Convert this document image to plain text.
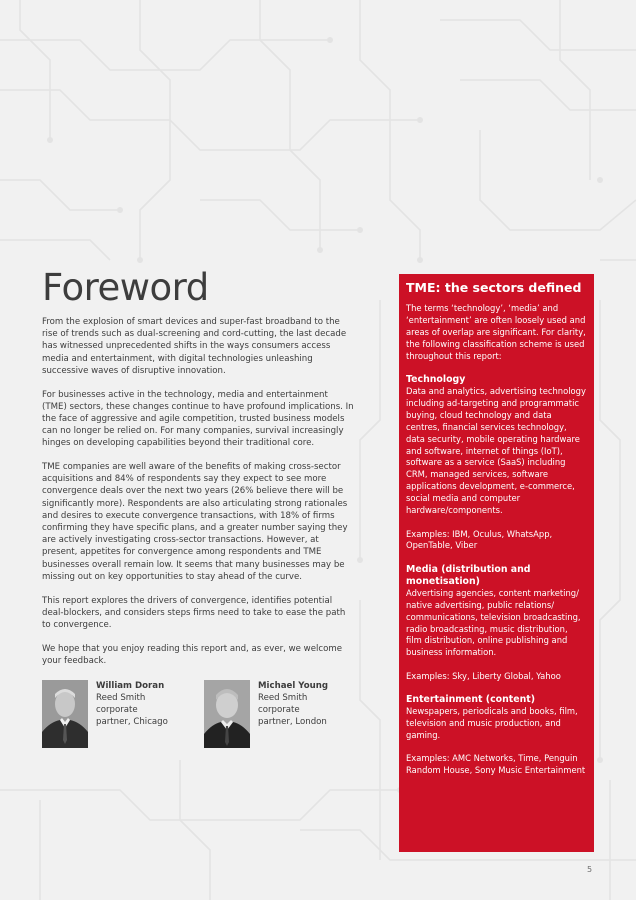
Foreword

From the explosion of smart devices and super-fast broadband to the rise of trends such as dual-screening and cord-cutting, the last decade has witnessed unprecedented shifts in the ways consumers access media and entertainment, with digital technologies unleashing successive waves of disruptive innovation.

For businesses active in the technology, media and entertainment (TME) sectors, these changes continue to have profound implications. In the face of aggressive and agile competition, trusted business models can no longer be relied on. For many companies, survival increasingly hinges on developing capabilities beyond their traditional core.

TME companies are well aware of the benefits of making cross-sector acquisitions and 84% of respondents say they expect to see more convergence deals over the next two years (26% believe there will be significantly more). Respondents are also articulating strong rationales and desires to execute convergence transactions, with 18% of firms confirming they have specific plans, and a greater number saying they are actively investigating cross-sector transactions. However, at present, appetites for convergence among respondents and TME businesses overall remain low. It seems that many businesses may be missing out on key opportunities to stay ahead of the curve.

This report explores the drivers of convergence, identifies potential deal-blockers, and considers steps firms need to take to ease the path to convergence.

We hope that you enjoy reading this report and, as ever, we welcome your feedback.

William Doran
Reed Smith
corporate
partner, Chicago
Michael Young
Reed Smith
corporate
partner, London
TME: the sectors defined

The terms ‘technology’, ‘media’ and ‘entertainment’ are often loosely used and areas of overlap are significant. For clarity, the following classification scheme is used throughout this report:

Technology

Data and analytics, advertising technology including ad-targeting and programmatic buying, cloud technology and data centres, financial services technology, data security, mobile operating hardware and software, internet of things (IoT), software as a service (SaaS) including CRM, managed services, software applications development, e-commerce, social media and computer hardware/components.

Examples: IBM, Oculus, WhatsApp, OpenTable, Viber

Media (distribution and monetisation)

Advertising agencies, content marketing/ native advertising, public relations/ communications, television broadcasting, radio broadcasting, music distribution, film distribution, online publishing and business information.

Examples: Sky, Liberty Global, Yahoo

Entertainment (content)

Newspapers, periodicals and books, film, television and music production, and gaming.

Examples: AMC Networks, Time, Penguin Random House, Sony Music Entertainment

5
